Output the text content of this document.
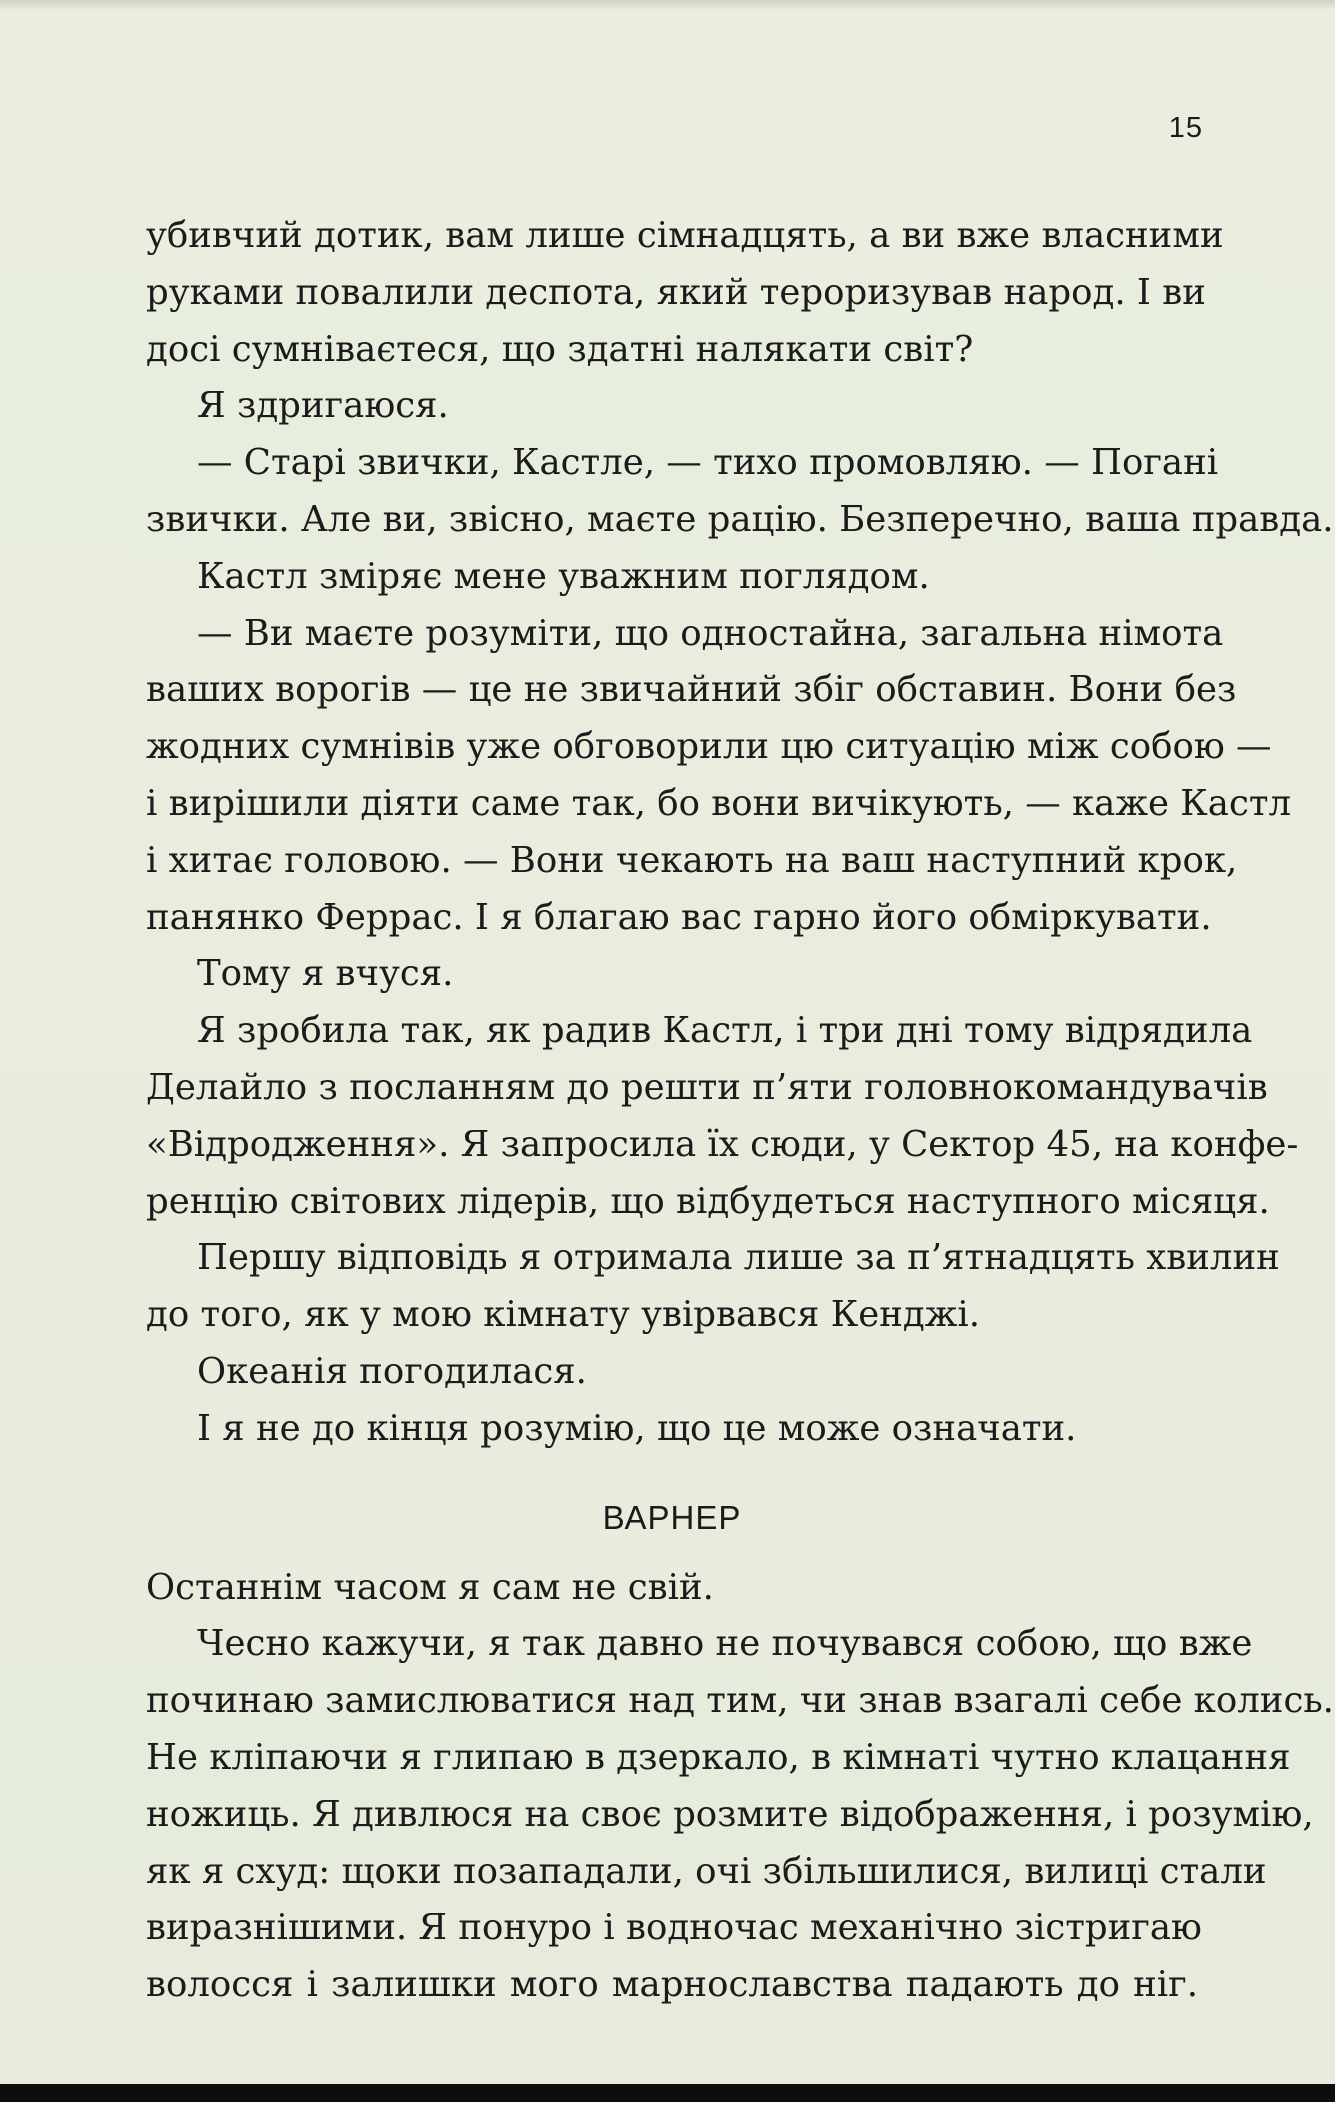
15
убивчий дотик, вам лише сімнадцять, а ви вже власними
руками повалили деспота, який тероризував народ. І ви
досі сумніваєтеся, що здатні налякати світ?
Я здригаюся.
— Старі звички, Кастле, — тихо промовляю. — Погані
звички. Але ви, звісно, маєте рацію. Безперечно, ваша правда.
Кастл зміряє мене уважним поглядом.
— Ви маєте розуміти, що одностайна, загальна німота
ваших ворогів — це не звичайний збіг обставин. Вони без
жодних сумнівів уже обговорили цю ситуацію між собою —
і вирішили діяти саме так, бо вони вичікують, — каже Кастл
і хитає головою. — Вони чекають на ваш наступний крок,
панянко Феррас. І я благаю вас гарно його обміркувати.
Тому я вчуся.
Я зробила так, як радив Кастл, і три дні тому відрядила
Делайло з посланням до решти п’яти головнокомандувачів
«Відродження». Я запросила їх сюди, у Сектор 45, на конфе-
ренцію світових лідерів, що відбудеться наступного місяця.
Першу відповідь я отримала лише за п’ятнадцять хвилин
до того, як у мою кімнату увірвався Кенджі.
Океанія погодилася.
І я не до кінця розумію, що це може означати.
ВАРНЕР
Останнім часом я сам не свій.
Чесно кажучи, я так давно не почувався собою, що вже
починаю замислюватися над тим, чи знав взагалі себе колись.
Не кліпаючи я глипаю в дзеркало, в кімнаті чутно клацання
ножиць. Я дивлюся на своє розмите відображення, і розумію,
як я схуд: щоки позападали, очі збільшилися, вилиці стали
виразнішими. Я понуро і водночас механічно зістригаю
волосся і залишки мого марнославства падають до ніг.
